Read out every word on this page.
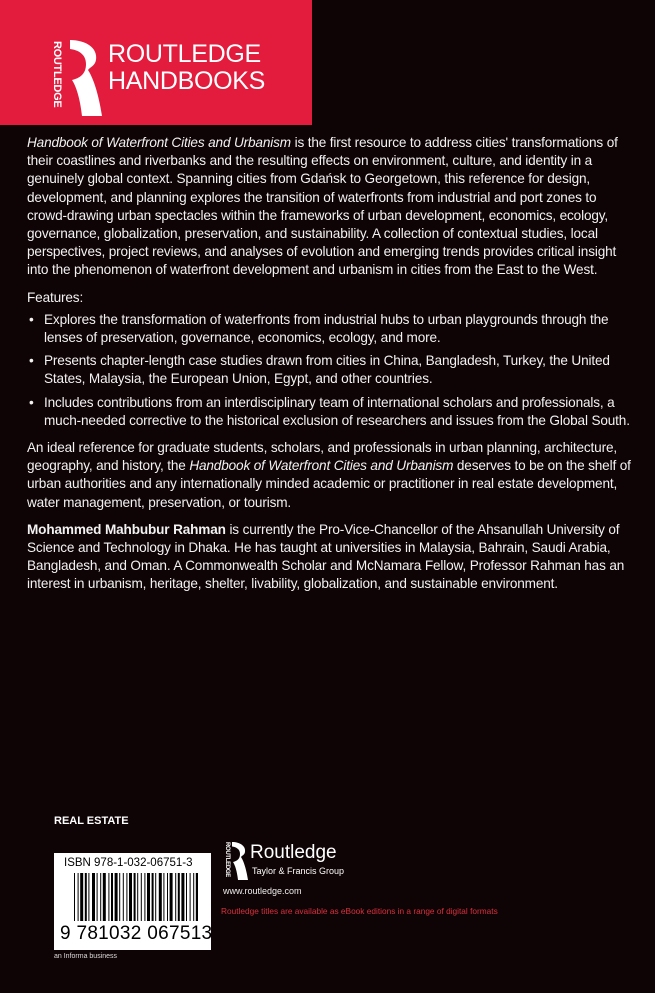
ROUTLEDGE ROUTLEDGE
HANDBOOKS

Handbook of Waterfront Cities and Urbanism is the first resource to address cities' transformations of their coastlines and riverbanks and the resulting effects on environment, culture, and identity in a genuinely global context. Spanning cities from Gdańsk to Georgetown, this reference for design, development, and planning explores the transition of waterfronts from industrial and port zones to crowd-drawing urban spectacles within the frameworks of urban development, economics, ecology, governance, globalization, preservation, and sustainability. A collection of contextual studies, local perspectives, project reviews, and analyses of evolution and emerging trends provides critical insight into the phenomenon of waterfront development and urbanism in cities from the East to the West.

Features:

• Explores the transformation of waterfronts from industrial hubs to urban playgrounds through the lenses of preservation, governance, economics, ecology, and more.
• Presents chapter-length case studies drawn from cities in China, Bangladesh, Turkey, the United States, Malaysia, the European Union, Egypt, and other countries.
• Includes contributions from an interdisciplinary team of international scholars and professionals, a much-needed corrective to the historical exclusion of researchers and issues from the Global South.

An ideal reference for graduate students, scholars, and professionals in urban planning, architecture, geography, and history, the Handbook of Waterfront Cities and Urbanism deserves to be on the shelf of urban authorities and any internationally minded academic or practitioner in real estate development, water management, preservation, or tourism.

Mohammed Mahbubur Rahman is currently the Pro-Vice-Chancellor of the Ahsanullah University of Science and Technology in Dhaka. He has taught at universities in Malaysia, Bahrain, Saudi Arabia, Bangladesh, and Oman. A Commonwealth Scholar and McNamara Fellow, Professor Rahman has an interest in urbanism, heritage, shelter, livability, globalization, and sustainable environment.

REAL ESTATE
ISBN 978-1-032-06751-3
9 781032 067513
an Informa business
ROUTLEDGE Routledge
Taylor & Francis Group
www.routledge.com
Routledge titles are available as eBook editions in a range of digital formats
